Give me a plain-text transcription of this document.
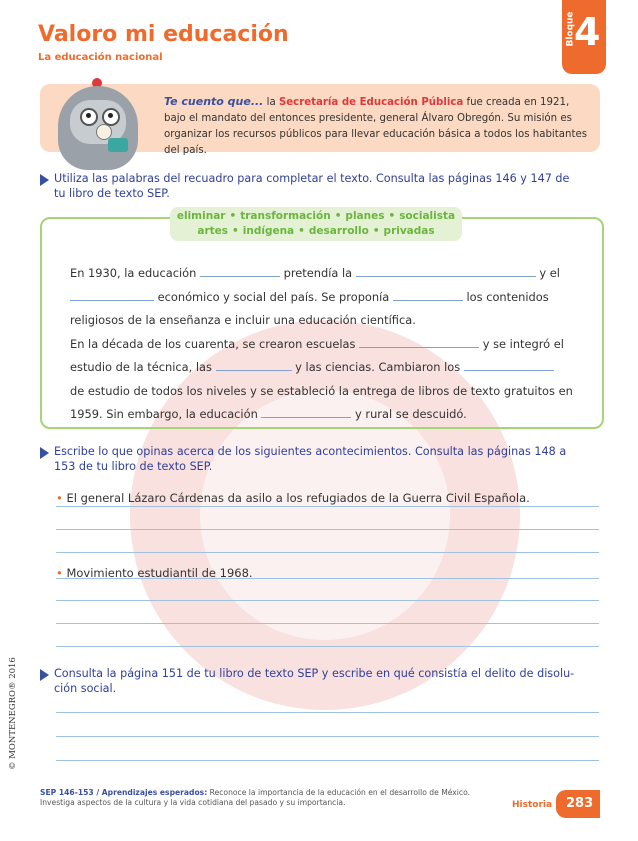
Valoro mi educación
La educación nacional
Bloque
4
Te cuento que... la Secretaría de Educación Pública fue creada en 1921, bajo el mandato del entonces presidente, general Álvaro Obregón. Su misión es organizar los recursos públicos para llevar educación básica a todos los habitantes del país.
Utiliza las palabras del recuadro para completar el texto. Consulta las páginas 146 y 147 de
tu libro de texto SEP.
eliminar • transformación • planes • socialista
artes • indígena • desarrollo • privadas
En 1930, la educación	pretendía la	y el
económico y social del país. Se proponía	los contenidos
religiosos de la enseñanza e incluir una educación científica.
En la década de los cuarenta, se crearon escuelas	y se integró el
estudio de la técnica, las	y las ciencias. Cambiaron los
de estudio de todos los niveles y se estableció la entrega de libros de texto gratuitos en
1959. Sin embargo, la educación	y rural se descuidó.
Escribe lo que opinas acerca de los siguientes acontecimientos. Consulta las páginas 148 a
153 de tu libro de texto SEP.
• El general Lázaro Cárdenas da asilo a los refugiados de la Guerra Civil Española.
• Movimiento estudiantil de 1968.
Consulta la página 151 de tu libro de texto SEP y escribe en qué consistía el delito de disolu-
ción social.
© MONTENEGRO® 2016
SEP 146-153 / Aprendizajes esperados: Reconoce la importancia de la educación en el desarrollo de México.
Investiga aspectos de la cultura y la vida cotidiana del pasado y su importancia.	Historia 283
